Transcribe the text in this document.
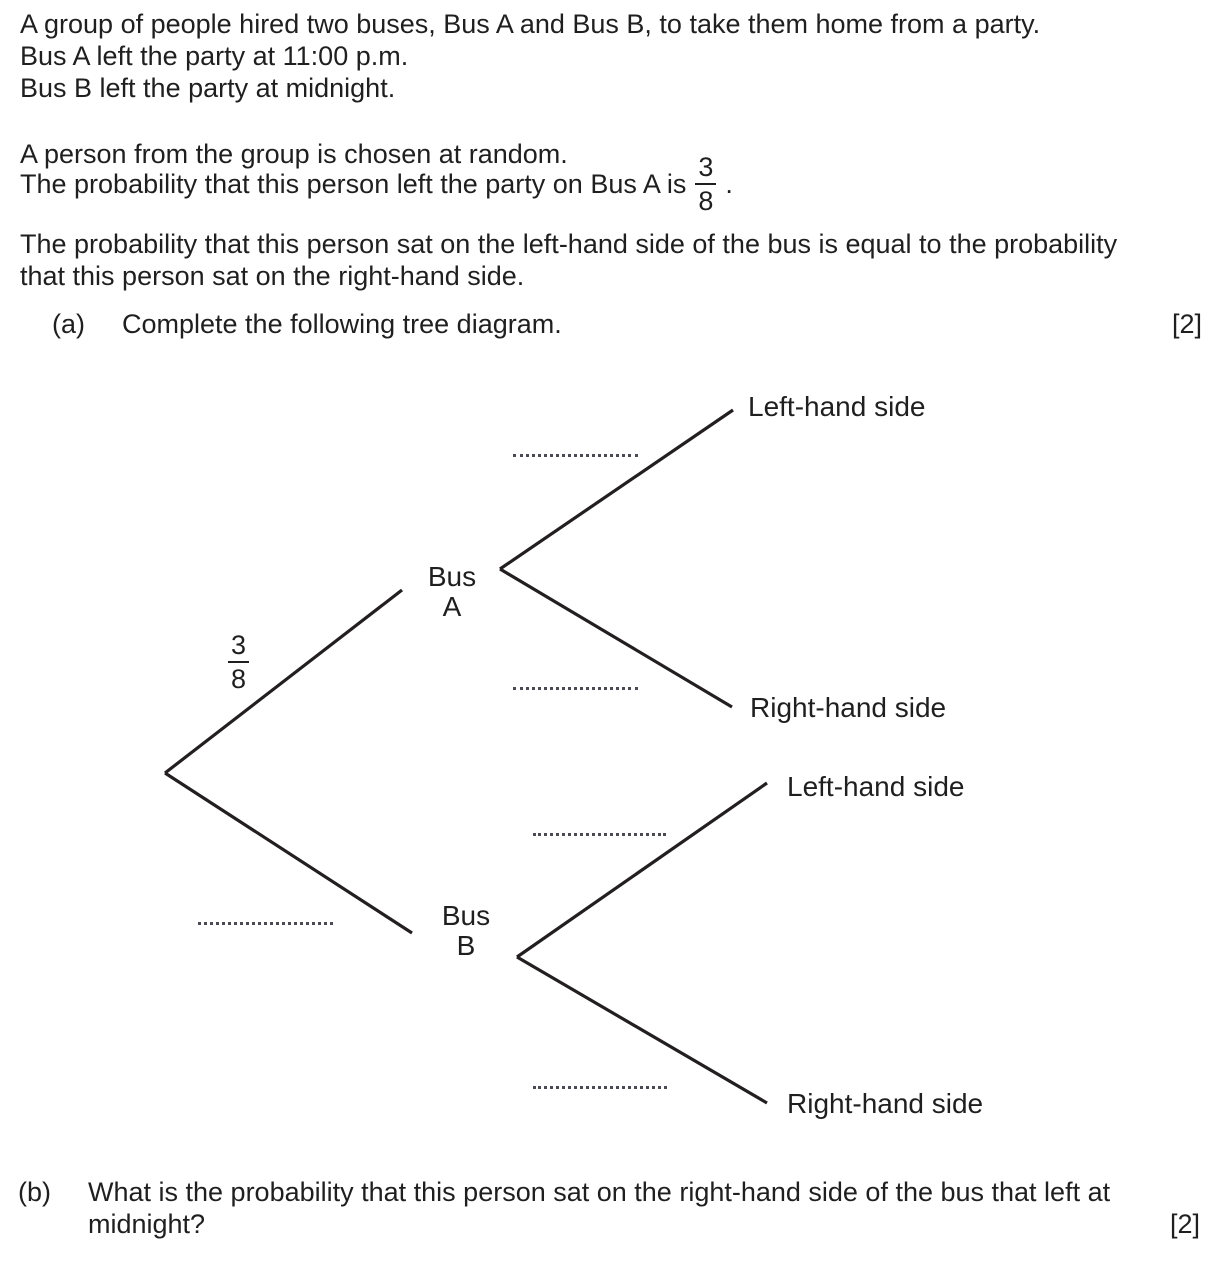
A group of people hired two buses, Bus A and Bus B, to take them home from a party.
Bus A left the party at 11:00 p.m.
Bus B left the party at midnight.
A person from the group is chosen at random.
The probability that this person left the party on Bus A is $\frac{3}{8}$ .
The probability that this person sat on the left-hand side of the bus is equal to the probability
that this person sat on the right-hand side.
(a) Complete the following tree diagram.	[2]
$\frac{3}{8}$
Bus
A
Bus
B
Left-hand side
Right-hand side
Left-hand side
Right-hand side
(b) What is the probability that this person sat on the right-hand side of the bus that left at
midnight?	[2]
